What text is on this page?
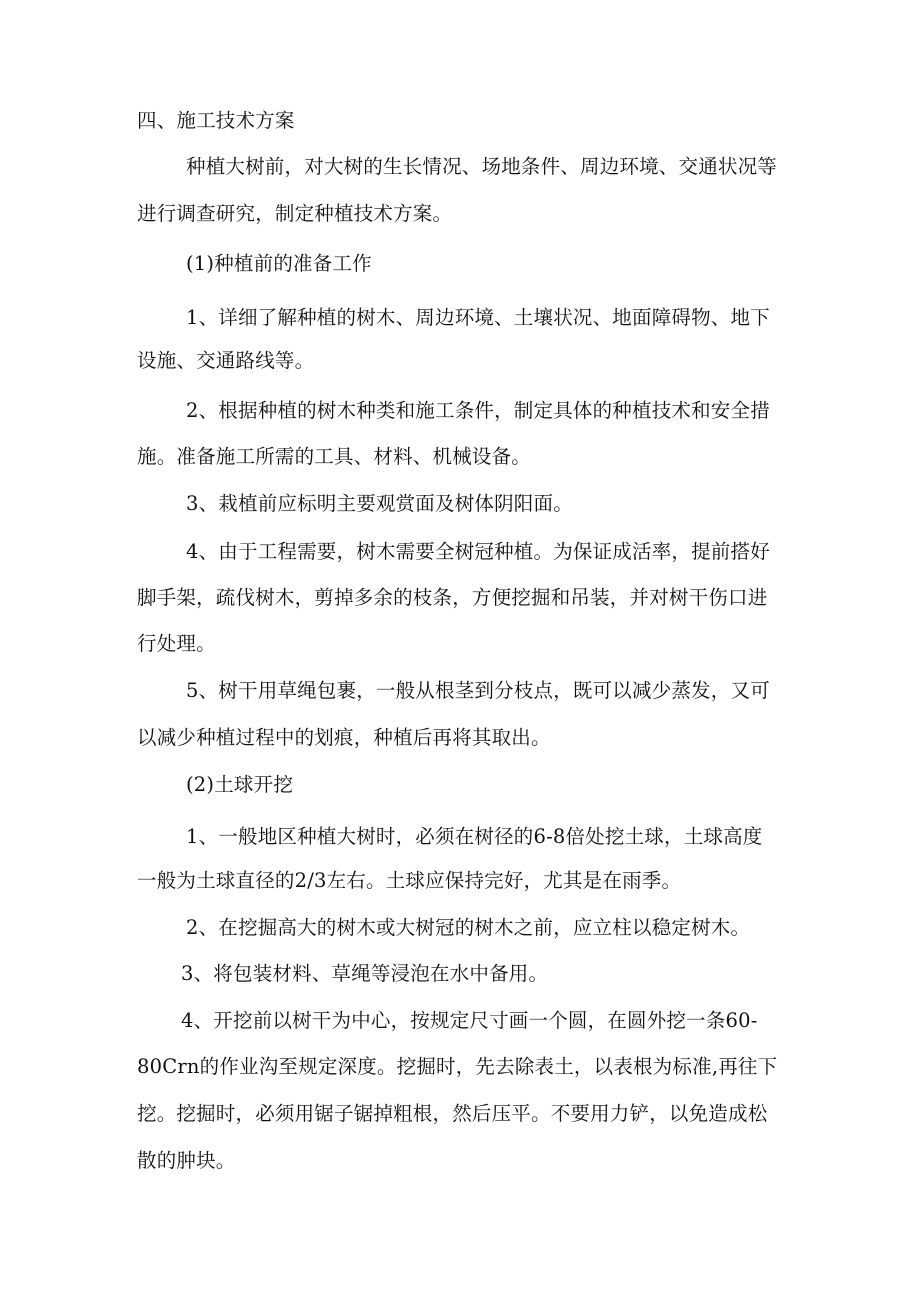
四、施工技术方案
种植大树前，对大树的生长情况、场地条件、周边环境、交通状况等
进行调查研究，制定种植技术方案。
(1)种植前的准备工作
1、详细了解种植的树木、周边环境、土壤状况、地面障碍物、地下
设施、交通路线等。
2、根据种植的树木种类和施工条件，制定具体的种植技术和安全措
施。准备施工所需的工具、材料、机械设备。
3、栽植前应标明主要观赏面及树体阴阳面。
4、由于工程需要，树木需要全树冠种植。为保证成活率，提前搭好
脚手架，疏伐树木，剪掉多余的枝条，方便挖掘和吊装，并对树干伤口进
行处理。
5、树干用草绳包裹，一般从根茎到分枝点，既可以减少蒸发，又可
以减少种植过程中的划痕，种植后再将其取出。
(2)土球开挖
1、一般地区种植大树时，必须在树径的6-8倍处挖土球，土球高度
一般为土球直径的2/3左右。土球应保持完好，尤其是在雨季。
2、在挖掘高大的树木或大树冠的树木之前，应立柱以稳定树木。
3、将包装材料、草绳等浸泡在水中备用。
4、开挖前以树干为中心，按规定尺寸画一个圆，在圆外挖一条60-
80Crn的作业沟至规定深度。挖掘时，先去除表土，以表根为标准,再往下
挖。挖掘时，必须用锯子锯掉粗根，然后压平。不要用力铲，以免造成松
散的肿块。
